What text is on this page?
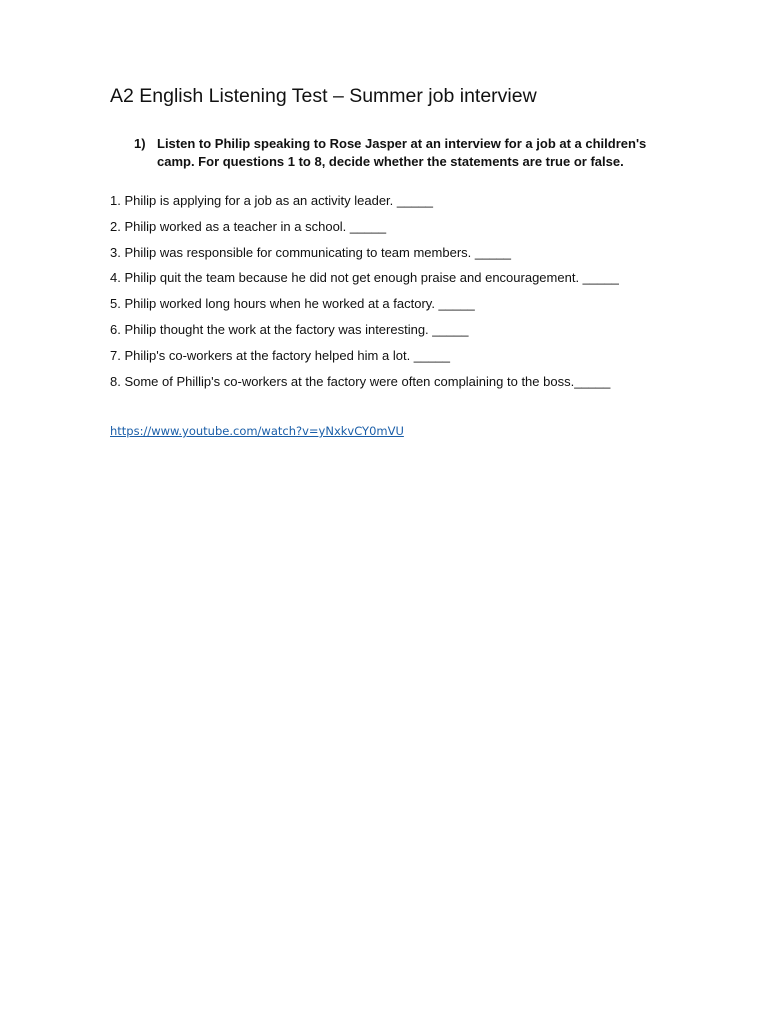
A2 English Listening Test – Summer job interview
1) Listen to Philip speaking to Rose Jasper at an interview for a job at a children's camp. For questions 1 to 8, decide whether the statements are true or false.
1. Philip is applying for a job as an activity leader. _____
2. Philip worked as a teacher in a school. _____
3. Philip was responsible for communicating to team members. _____
4. Philip quit the team because he did not get enough praise and encouragement. _____
5. Philip worked long hours when he worked at a factory. _____
6. Philip thought the work at the factory was interesting. _____
7. Philip's co-workers at the factory helped him a lot. _____
8. Some of Phillip's co-workers at the factory were often complaining to the boss._____
https://www.youtube.com/watch?v=yNxkvCY0mVU
